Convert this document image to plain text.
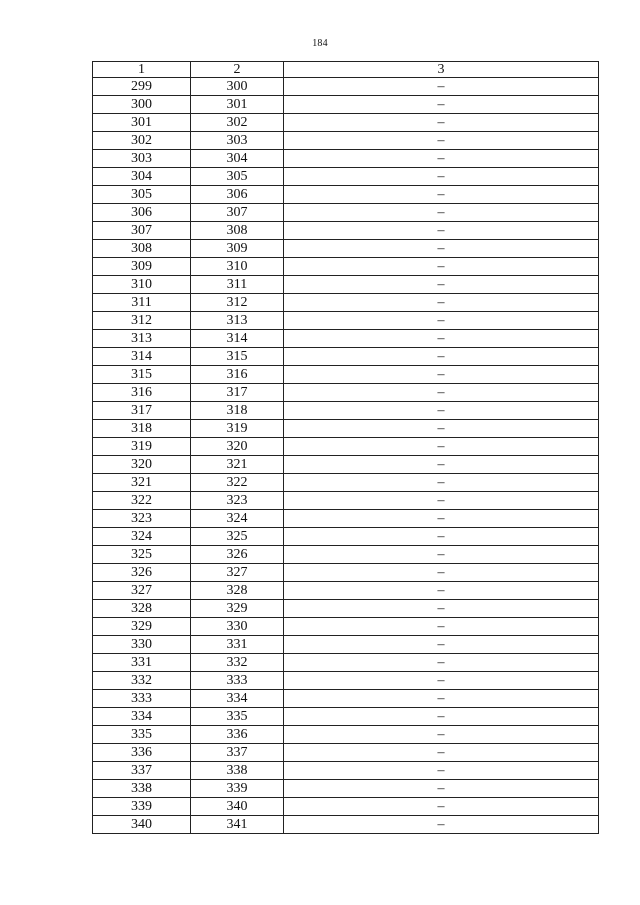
184
1	2	3
299	300	–
300	301	–
301	302	–
302	303	–
303	304	–
304	305	–
305	306	–
306	307	–
307	308	–
308	309	–
309	310	–
310	311	–
311	312	–
312	313	–
313	314	–
314	315	–
315	316	–
316	317	–
317	318	–
318	319	–
319	320	–
320	321	–
321	322	–
322	323	–
323	324	–
324	325	–
325	326	–
326	327	–
327	328	–
328	329	–
329	330	–
330	331	–
331	332	–
332	333	–
333	334	–
334	335	–
335	336	–
336	337	–
337	338	–
338	339	–
339	340	–
340	341	–
